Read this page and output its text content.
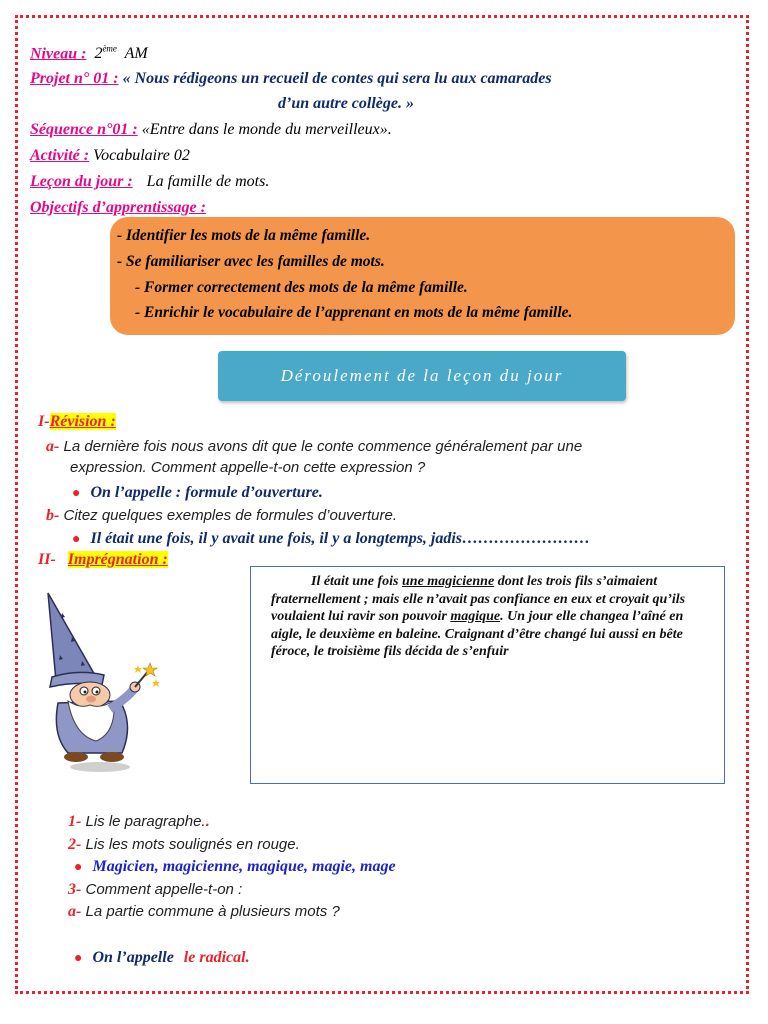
Niveau : 2ème AM
Projet n° 01 : « Nous rédigeons un recueil de contes qui sera lu aux camarades
d’un autre collège. »
Séquence n°01 : «Entre dans le monde du merveilleux».
Activité : Vocabulaire 02
Leçon du jour : La famille de mots.
Objectifs d’apprentissage :
- Identifier les mots de la même famille.
- Se familiariser avec les familles de mots.
- Former correctement des mots de la même famille.
- Enrichir le vocabulaire de l’apprenant en mots de la même famille.
Déroulement de la leçon du jour
I-Révision :
a- La dernière fois nous avons dit que le conte commence généralement par une
expression. Comment appelle-t-on cette expression ?
● On l’appelle : formule d’ouverture.
b- Citez quelques exemples de formules d’ouverture.
● Il était une fois, il y avait une fois, il y a longtemps, jadis……………………
II- Imprégnation :
Il était une fois une magicienne dont les trois fils s’aimaient fraternellement ; mais elle n’avait pas confiance en eux et croyait qu’ils voulaient lui ravir son pouvoir magique. Un jour elle changea l’aîné en aigle, le deuxième en baleine. Craignant d’être changé lui aussi en bête féroce, le troisième fils décida de s’enfuir
1- Lis le paragraphe..
2- Lis les mots soulignés en rouge.
● Magicien, magicienne, magique, magie, mage
3- Comment appelle-t-on :
a- La partie commune à plusieurs mots ?
● On l’appelle le radical.
